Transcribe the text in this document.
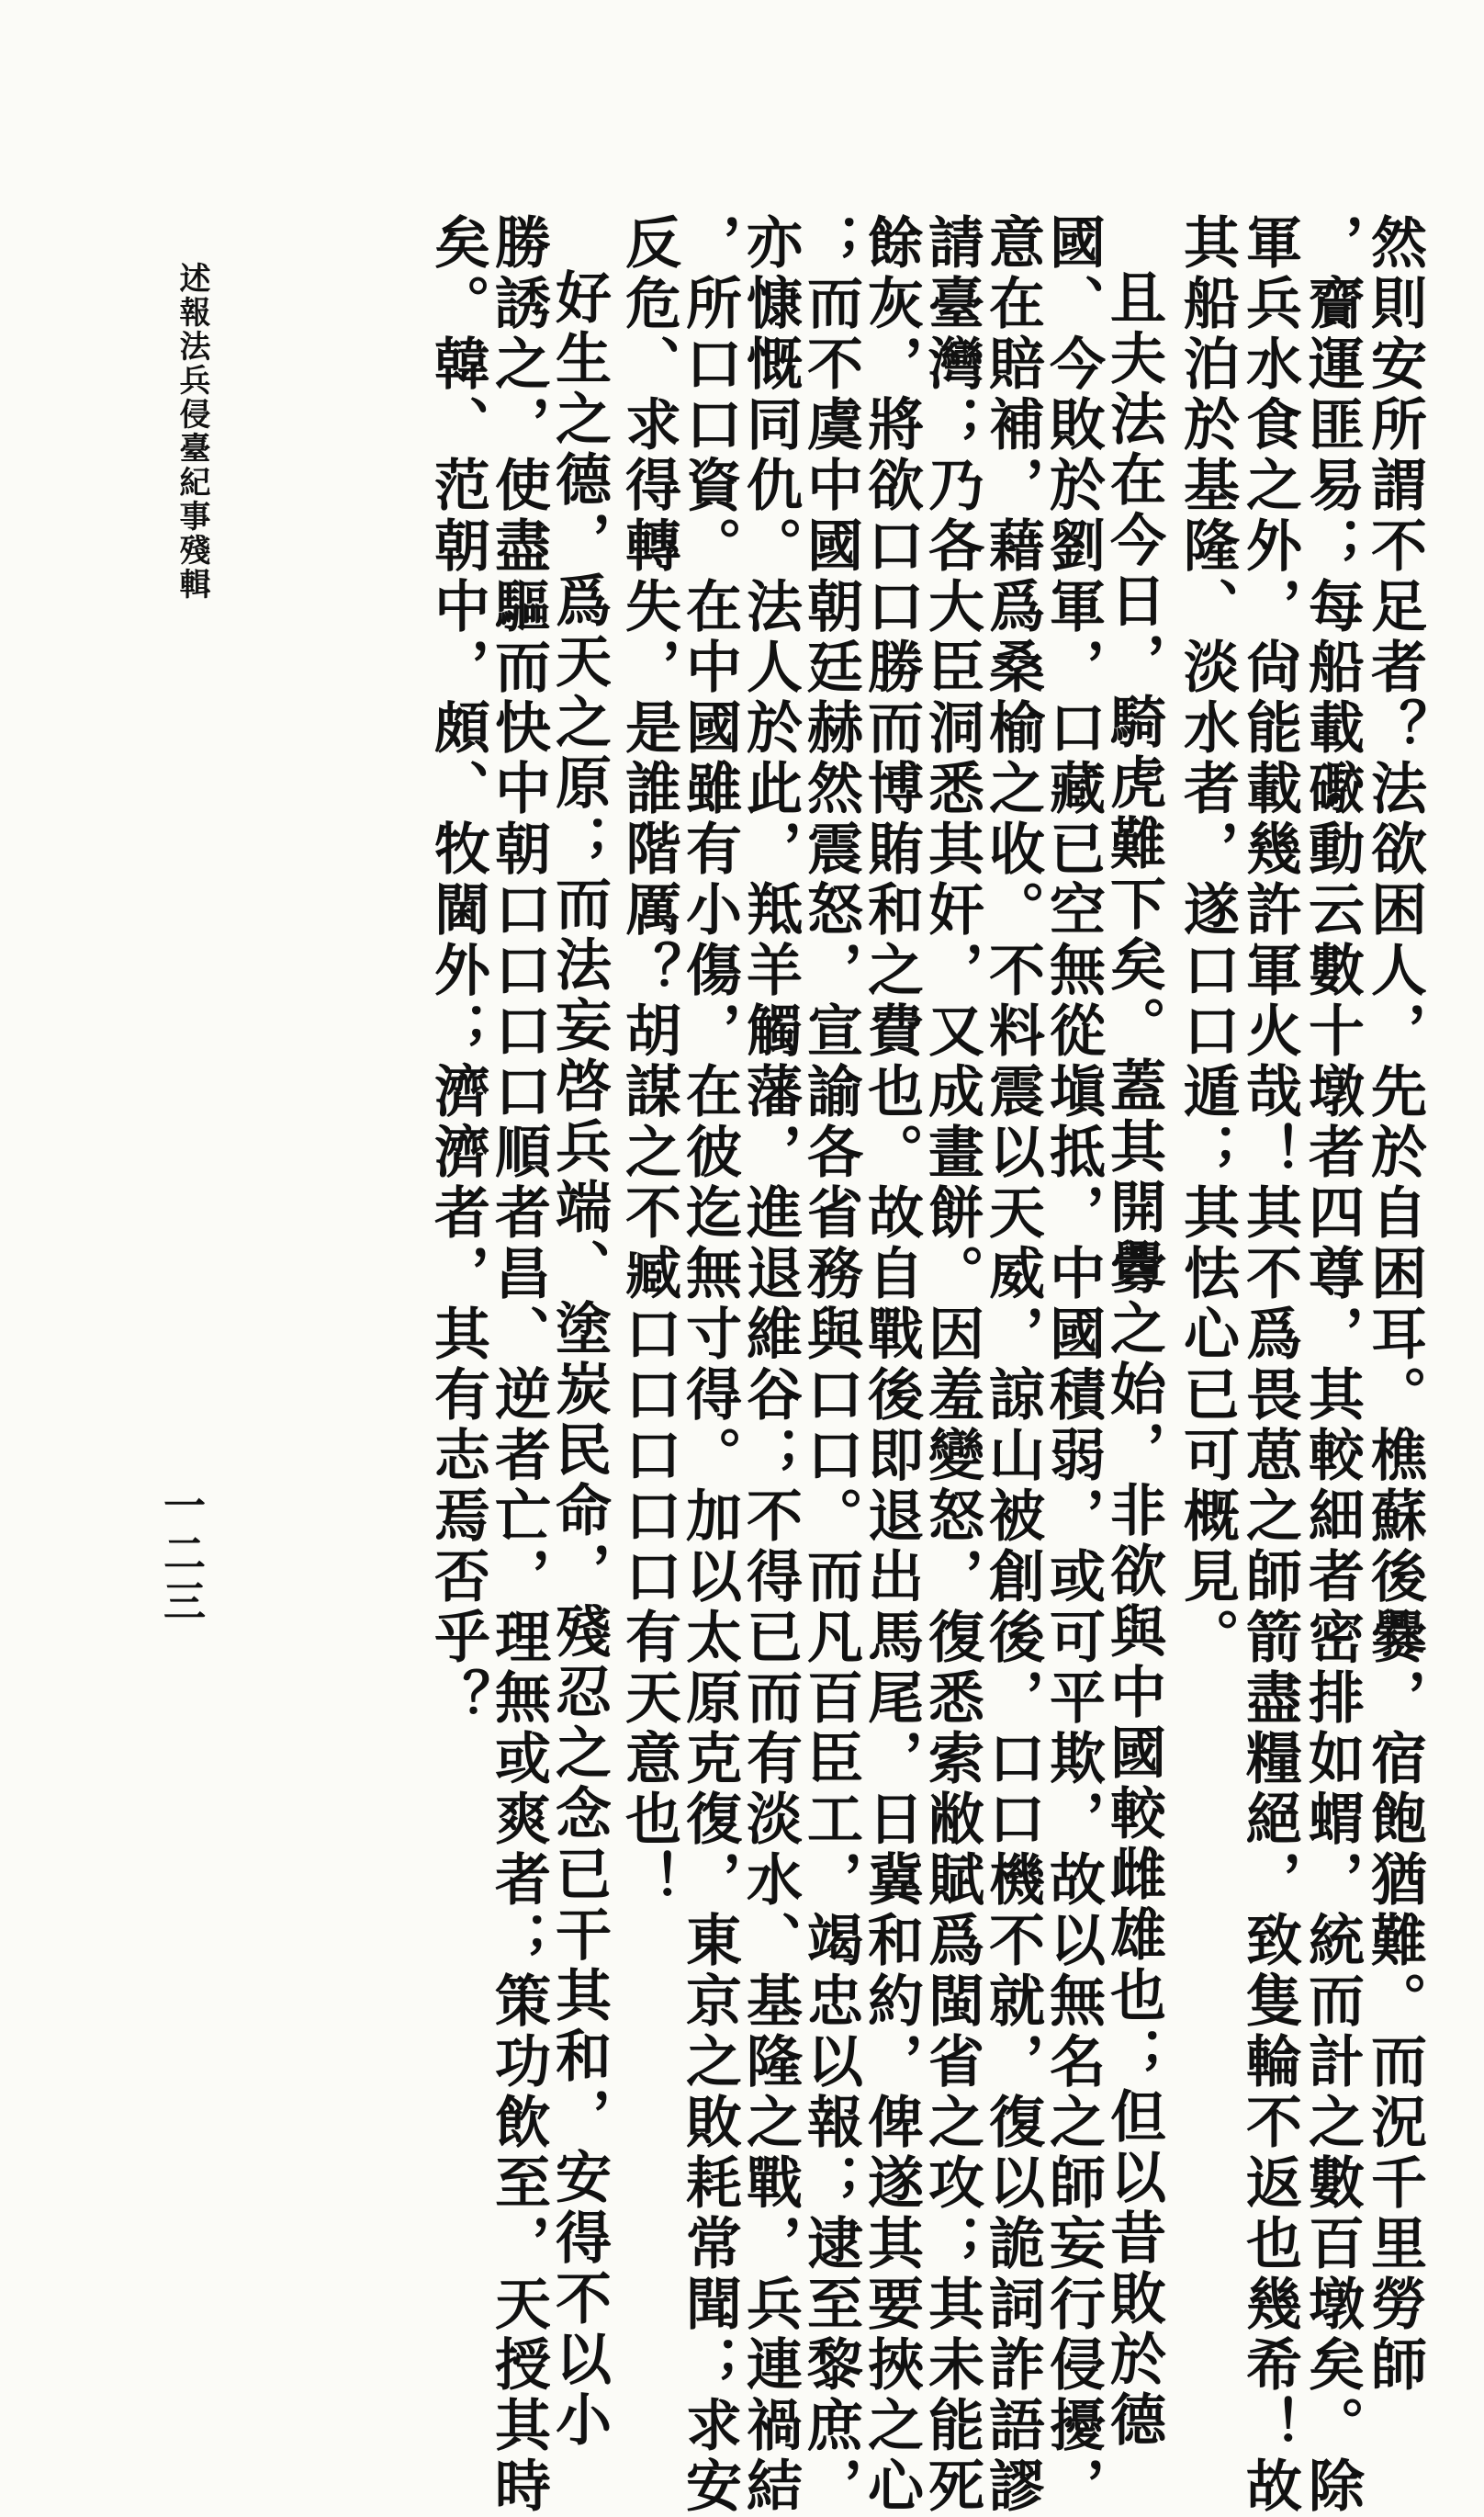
然則安所謂不足者？法欲困人，先於自困耳。樵蘇後爨，宿飽猶難。而況千里勞師
，齎運匪易；每船載礮動云數十墩者四尊，其較細者密排如蝟，統而計之數百墩矣。除
軍兵水食之外，尙能載幾許軍火哉！其不爲畏葸之師箭盡糧絕，致隻輪不返也幾希！故
其船泊於基隆、淡水者，遂口口遁；其怯心已可概見。
且夫法在今日，騎虎難下矣。蓋其開釁之始，非欲與中國較雌雄也；但以昔敗於德
國、今敗於劉軍，口藏已空無從塡抵，中國積弱，或可平欺，故以無名之師妄行侵擾，
意在賠補，藉爲桑榆之收。不料震以天威，諒山被創後，口口機不就，復以詭詞詐語謬
請臺灣；乃各大臣洞悉其奸，又成畫餅。因羞變怒，復悉索敝賦爲閩省之攻；其未能死
餘灰，將欲口口勝而博賄和之費也。故自戰後即退出馬尾，日冀和約，俾遂其要挾之心
；而不虞中國朝廷赫然震怒，宣諭各省務與口口。而凡百臣工，竭忠以報；逮至黎庶，
亦慷慨同仇。法人於此，羝羊觸藩，進退維谷；不得已而有淡水、基隆之戰，兵連禍結
，所口口資。在中國雖有小傷，在彼迄無寸得。加以太原克復，東京之敗耗常聞；求安
反危、求得轉失，是誰階厲？胡謀之不臧口口口口口有天意也！
好生之德，爲天之原；而法妄啓兵端、塗炭民命，殘忍之念已干其和，安得不以小
勝誘之，使盡驅而快中朝口口口口順者昌、逆者亡，理無或爽者；策功飲至，天授其時
矣。韓、范朝中，頗、牧閫外；濟濟者，其有志焉否乎？
述報法兵侵臺紀事殘輯
一二三
